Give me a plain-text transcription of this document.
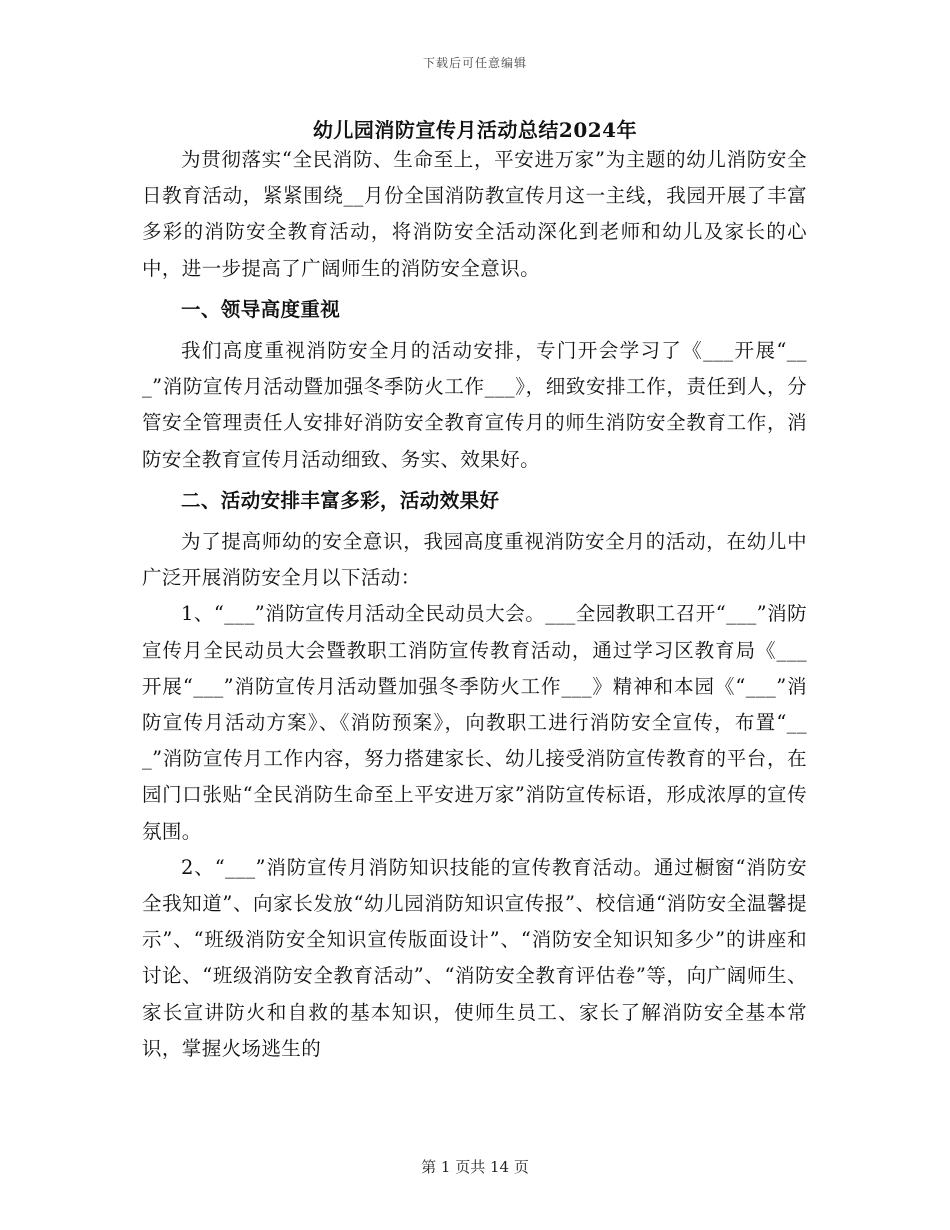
下载后可任意编辑
幼儿园消防宣传月活动总结2024年

为贯彻落实“全民消防、生命至上，平安进万家”为主题的幼儿消防安全日教育活动，紧紧围绕__月份全国消防教宣传月这一主线，我园开展了丰富多彩的消防安全教育活动，将消防安全活动深化到老师和幼儿及家长的心中，进一步提高了广阔师生的消防安全意识。

一、领导高度重视

我们高度重视消防安全月的活动安排，专门开会学习了《___开展“___”消防宣传月活动暨加强冬季防火工作___》，细致安排工作，责任到人，分管安全管理责任人安排好消防安全教育宣传月的师生消防安全教育工作，消防安全教育宣传月活动细致、务实、效果好。

二、活动安排丰富多彩，活动效果好

为了提高师幼的安全意识，我园高度重视消防安全月的活动，在幼儿中广泛开展消防安全月以下活动：

1、“___”消防宣传月活动全民动员大会。___全园教职工召开“___”消防宣传月全民动员大会暨教职工消防宣传教育活动，通过学习区教育局《___开展“___”消防宣传月活动暨加强冬季防火工作___》精神和本园《“___”消防宣传月活动方案》、《消防预案》，向教职工进行消防安全宣传，布置“___”消防宣传月工作内容，努力搭建家长、幼儿接受消防宣传教育的平台，在园门口张贴“全民消防生命至上平安进万家”消防宣传标语，形成浓厚的宣传氛围。

2、“___”消防宣传月消防知识技能的宣传教育活动。通过橱窗“消防安全我知道”、向家长发放“幼儿园消防知识宣传报”、校信通“消防安全温馨提示”、“班级消防安全知识宣传版面设计”、“消防安全知识知多少”的讲座和讨论、“班级消防安全教育活动”、“消防安全教育评估卷”等，向广阔师生、家长宣讲防火和自救的基本知识，使师生员工、家长了解消防安全基本常识，掌握火场逃生的

第 1 页共 14 页
